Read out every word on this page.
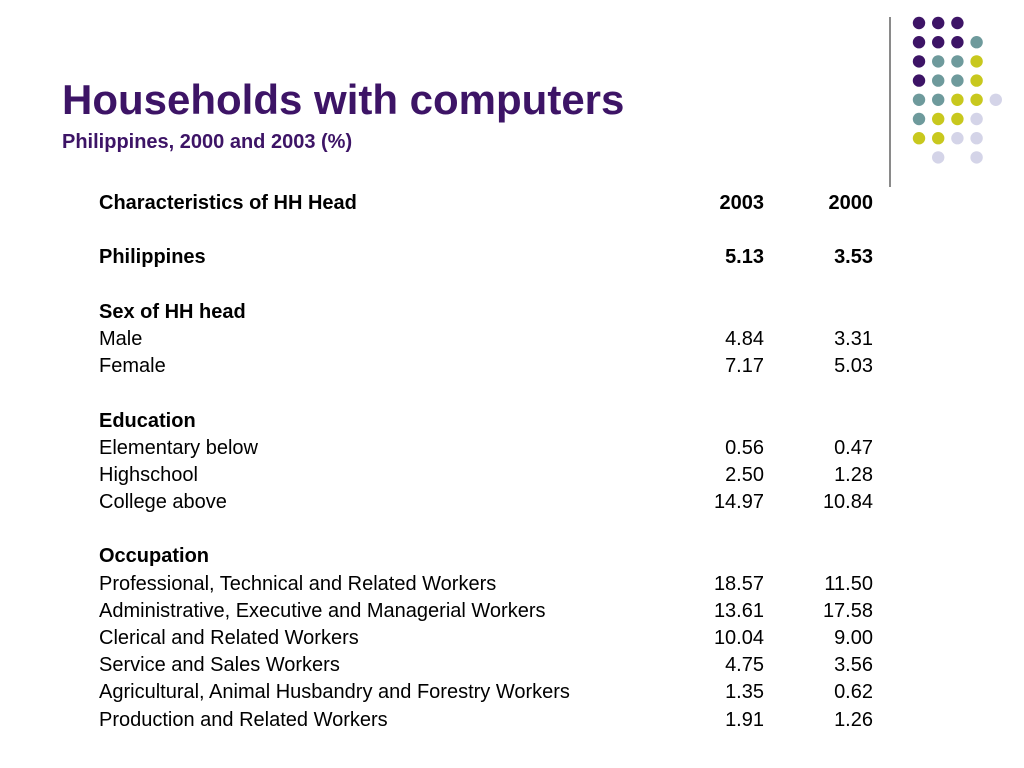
Households with computers
Philippines, 2000 and 2003 (%)
Characteristics of HH Head	2003	2000
Philippines	5.13	3.53
Sex of HH head
Male	4.84	3.31
Female	7.17	5.03
Education
Elementary below	0.56	0.47
Highschool	2.50	1.28
College above	14.97	10.84
Occupation
Professional, Technical and Related Workers	18.57	11.50
Administrative, Executive and Managerial Workers	13.61	17.58
Clerical and Related Workers	10.04	9.00
Service and Sales Workers	4.75	3.56
Agricultural, Animal Husbandry and Forestry Workers	1.35	0.62
Production and Related Workers	1.91	1.26
